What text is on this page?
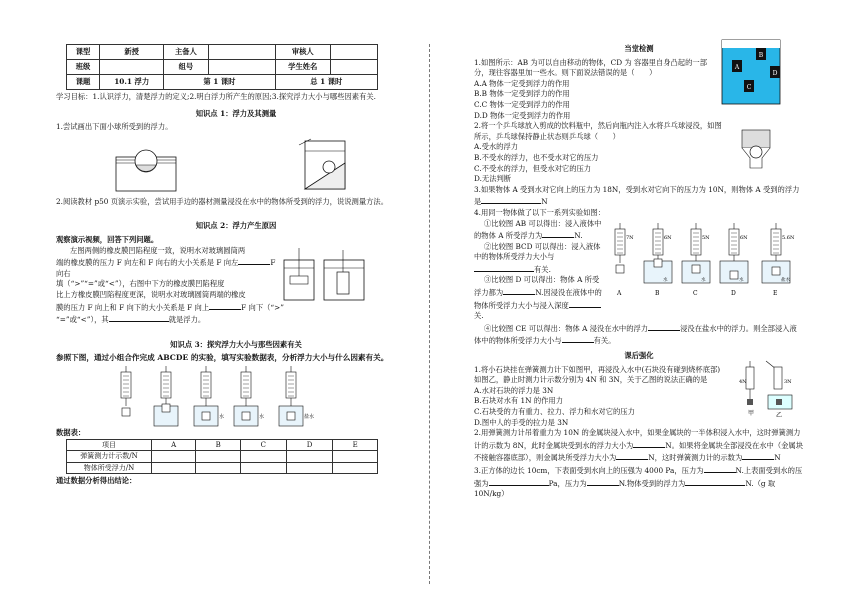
课型	新授	主备人		审核人	
班级		组号		学生姓名	
课题	10.1 浮力	第 1 课时		总 1 课时	

学习目标：1.认识浮力，清楚浮力的定义;2.明白浮力所产生的原因;3.探究浮力大小与哪些因素有关.

知识点 1：浮力及其测量

1.尝试画出下面小球所受到的浮力。

2.阅读教材 p50 页演示实验，尝试用手边的器材测量浸没在水中的物体所受到的浮力，说说测量方法。

知识点 2：浮力产生原因

观察演示视频，回答下列问题。

左图两侧的橡皮膜凹陷程度一致，说明水对玻璃圆筒两
端的橡皮膜的压力 F 向左和 F 向右的大小关系是 F 向左	F 向右
填（“>”“=”或“<”），右图中下方的橡皮膜凹陷程度
比上方橡皮膜凹陷程度更深，说明水对玻璃圆筒两端的橡皮
膜的压力 F 向上和 F 向下的大小关系是 F 向上	F 向下（“>”
“=”或“<”），其	就是浮力。

知识点 3：探究浮力大小与那些因素有关

参照下图，通过小组合作完成 ABCDE 的实验，填写实验数据表，分析浮力大小与什么因素有关。

水	水	盐水

数据表：

项目	A	B	C	D	E
弹簧测力计示数/N					
物体所受浮力/N					

通过数据分析得出结论：

当堂检测

1.如图所示：AB 为可以自由移动的物体，CD 为 容器里自身凸起的一部分，现往容器里加一些水。则下面说法错误的是（　　）
A.A 物体一定受到浮力的作用
B.B 物体一定受到浮力的作用
C.C 物体一定受到浮力的作用
D.D 物体一定受到浮力的作用
A
B
C
D
2.将一个乒乓球放入剪成的饮料瓶中，然后向瓶内注入水将乒乓球浸没，如图所示，乒乓球保持静止状态则乒乓球（　　）
A.受水的浮力
B.不受水的浮力，也不受水对它的压力
C.不受水的浮力，但受水对它的压力
D.无法判断
3.如果物体 A 受到水对它向上的压力为 18N，受到水对它向下的压力为 10N，则物体 A 受到的浮力是	N
4.用同一物体做了以下一系列实验如图：
①比较图 AB 可以得出：浸入液体中的物体 A 所受浮力为	N.
②比较图 BCD 可以得出：浸入液体中的物体所受浮力大小与有关.
③比较图 D 可以得出：物体 A 所受浮力都为	N.因浸没在液体中的物体所受浮力大小与浸入深度关.
④比较图 CE 可以得出：物体 A 浸没在水中的浮力	浸没在盐水中的浮力。则全部浸入液体中的物体所受浮力大小与	有关。
7N
A
6N
水
B
5N
水
C
6N
水
D
5.6N
盐水
E

课后强化

1.将小石块挂在弹簧测力计下如图甲，再浸没入水中(石块没有碰到烧杯底部)如图乙，静止时测力计示数分别为 4N 和 3N，关于乙图的说法正确的是
A.水对石块的浮力是 3N
B.石块对水有 1N 的作用力
C.石块受的力有重力、拉力、浮力和水对它的压力
D.图中人的手受的拉力是 3N
4N	3N
甲	乙
2.用弹簧测力计吊着重力为 10N 的金属块浸入水中，如果金属块的一半体积浸入水中，这时弹簧测力计的示数为 8N，此时金属块受到水的浮力大小为	N。如果将金属块全部浸没在水中（金属块不接触容器底部），则金属块所受浮力大小为	N，这时弹簧测力计的示数为	N
3.正方体的边长 10cm，下表面受到水向上的压强为 4000 Pa，压力为	N.上表面受到水的压强为	Pa，压力为	N.物体受到的浮力为	N.（g 取 10N/kg）
